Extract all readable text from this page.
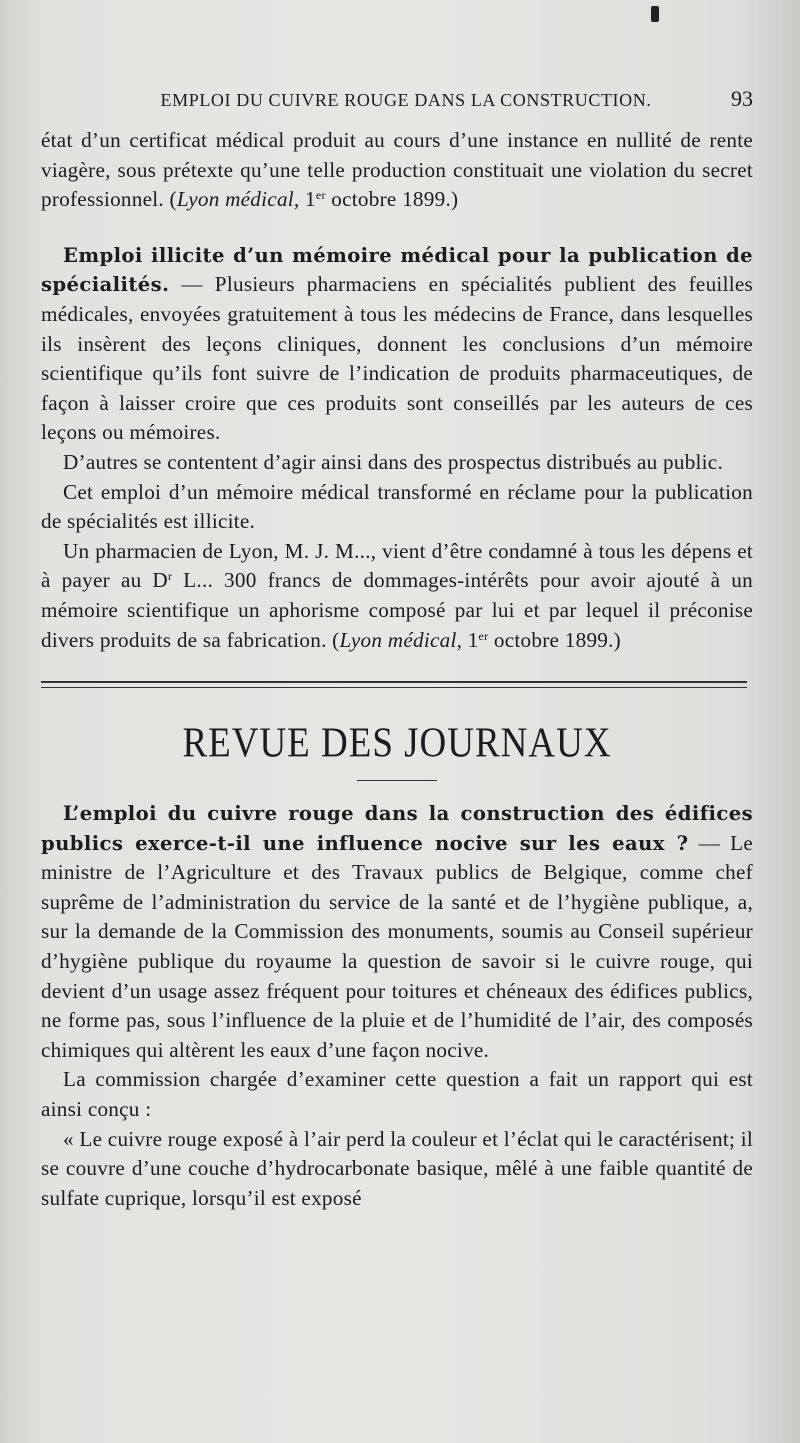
EMPLOI DU CUIVRE ROUGE DANS LA CONSTRUCTION.	93

état d’un certificat médical produit au cours d’une instance en nullité de rente viagère, sous prétexte qu’une telle production constituait une violation du secret professionnel. (Lyon médical, 1er octobre 1899.)

Emploi illicite d’un mémoire médical pour la publication de spécialités. — Plusieurs pharmaciens en spécialités publient des feuilles médicales, envoyées gratuitement à tous les médecins de France, dans lesquelles ils insèrent des leçons cliniques, donnent les conclusions d’un mémoire scientifique qu’ils font suivre de l’indication de produits pharmaceutiques, de façon à laisser croire que ces produits sont conseillés par les auteurs de ces leçons ou mémoires.

D’autres se contentent d’agir ainsi dans des prospectus distribués au public.

Cet emploi d’un mémoire médical transformé en réclame pour la publication de spécialités est illicite.

Un pharmacien de Lyon, M. J. M..., vient d’être condamné à tous les dépens et à payer au $D^r$ L... 300 francs de dommages-intérêts pour avoir ajouté à un mémoire scientifique un aphorisme composé par lui et par lequel il préconise divers produits de sa fabrication. (Lyon médical, 1er octobre 1899.)

REVUE DES JOURNAUX

L’emploi du cuivre rouge dans la construction des édifices publics exerce-t-il une influence nocive sur les eaux ? — Le ministre de l’Agriculture et des Travaux publics de Belgique, comme chef suprême de l’administration du service de la santé et de l’hygiène publique, a, sur la demande de la Commission des monuments, soumis au Conseil supérieur d’hygiène publique du royaume la question de savoir si le cuivre rouge, qui devient d’un usage assez fréquent pour toitures et chéneaux des édifices publics, ne forme pas, sous l’influence de la pluie et de l’humidité de l’air, des composés chimiques qui altèrent les eaux d’une façon nocive.

La commission chargée d’examiner cette question a fait un rapport qui est ainsi conçu :

« Le cuivre rouge exposé à l’air perd la couleur et l’éclat qui le caractérisent; il se couvre d’une couche d’hydrocarbonate basique, mêlé à une faible quantité de sulfate cuprique, lorsqu’il est exposé
